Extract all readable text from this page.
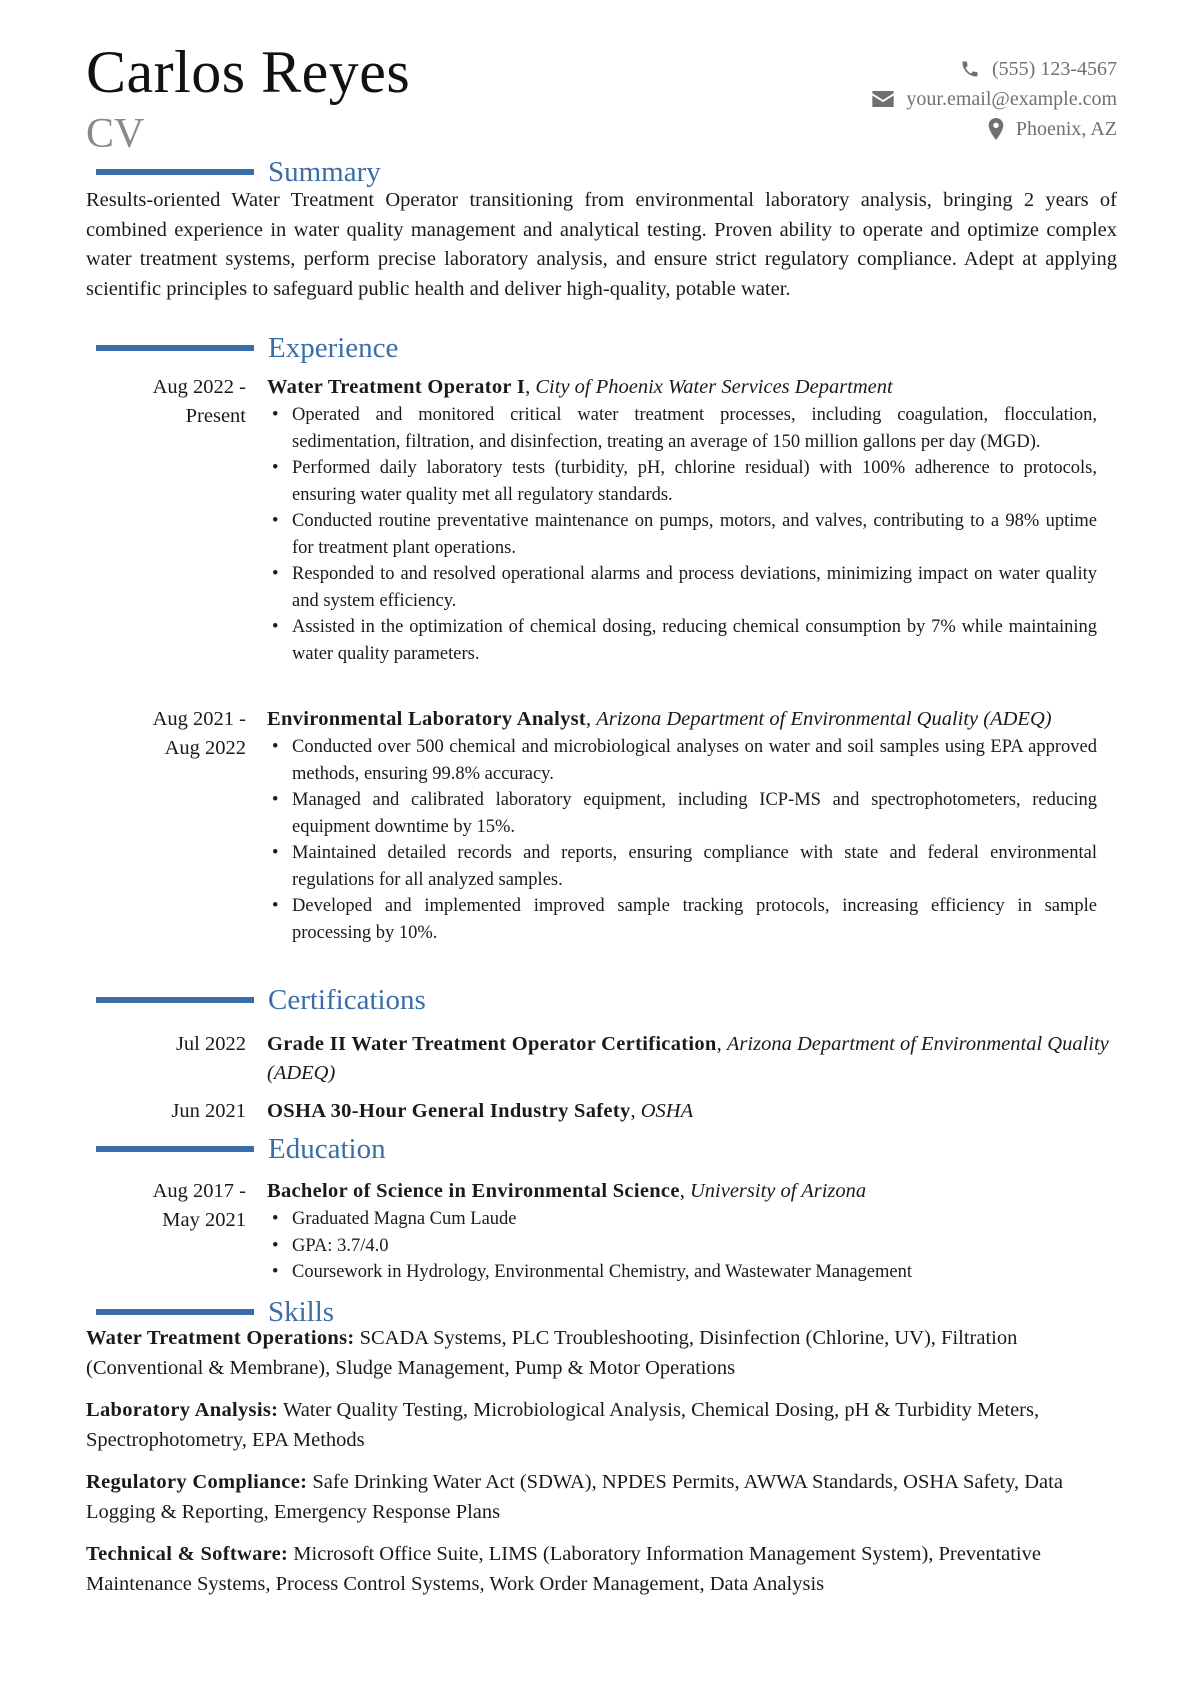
Carlos Reyes
CV
(555) 123-4567
your.email@example.com
Phoenix, AZ
Summary
Results-oriented Water Treatment Operator transitioning from environmental laboratory analysis, bringing 2 years of combined experience in water quality management and analytical testing. Proven ability to operate and optimize complex water treatment systems, perform precise laboratory analysis, and ensure strict regulatory compliance. Adept at applying scientific principles to safeguard public health and deliver high-quality, potable water.
Experience
Aug 2022 -
Present
Water Treatment Operator I, City of Phoenix Water Services Department
• Operated and monitored critical water treatment processes, including coagulation, flocculation, sedimentation, filtration, and disinfection, treating an average of 150 million gallons per day (MGD).
• Performed daily laboratory tests (turbidity, pH, chlorine residual) with 100% adherence to protocols, ensuring water quality met all regulatory standards.
• Conducted routine preventative maintenance on pumps, motors, and valves, contributing to a 98% uptime for treatment plant operations.
• Responded to and resolved operational alarms and process deviations, minimizing impact on water quality and system efficiency.
• Assisted in the optimization of chemical dosing, reducing chemical consumption by 7% while maintaining water quality parameters.
Aug 2021 -
Aug 2022
Environmental Laboratory Analyst, Arizona Department of Environmental Quality (ADEQ)
• Conducted over 500 chemical and microbiological analyses on water and soil samples using EPA approved methods, ensuring 99.8% accuracy.
• Managed and calibrated laboratory equipment, including ICP-MS and spectrophotometers, reducing equipment downtime by 15%.
• Maintained detailed records and reports, ensuring compliance with state and federal environmental regulations for all analyzed samples.
• Developed and implemented improved sample tracking protocols, increasing efficiency in sample processing by 10%.
Certifications
Jul 2022 Grade II Water Treatment Operator Certification, Arizona Department of Environmental Quality (ADEQ)
Jun 2021 OSHA 30-Hour General Industry Safety, OSHA
Education
Aug 2017 -
May 2021
Bachelor of Science in Environmental Science, University of Arizona
• Graduated Magna Cum Laude
• GPA: 3.7/4.0
• Coursework in Hydrology, Environmental Chemistry, and Wastewater Management
Skills
Water Treatment Operations: SCADA Systems, PLC Troubleshooting, Disinfection (Chlorine, UV), Filtration (Conventional & Membrane), Sludge Management, Pump & Motor Operations
Laboratory Analysis: Water Quality Testing, Microbiological Analysis, Chemical Dosing, pH & Turbidity Meters, Spectrophotometry, EPA Methods
Regulatory Compliance: Safe Drinking Water Act (SDWA), NPDES Permits, AWWA Standards, OSHA Safety, Data Logging & Reporting, Emergency Response Plans
Technical & Software: Microsoft Office Suite, LIMS (Laboratory Information Management System), Preventative Maintenance Systems, Process Control Systems, Work Order Management, Data Analysis
